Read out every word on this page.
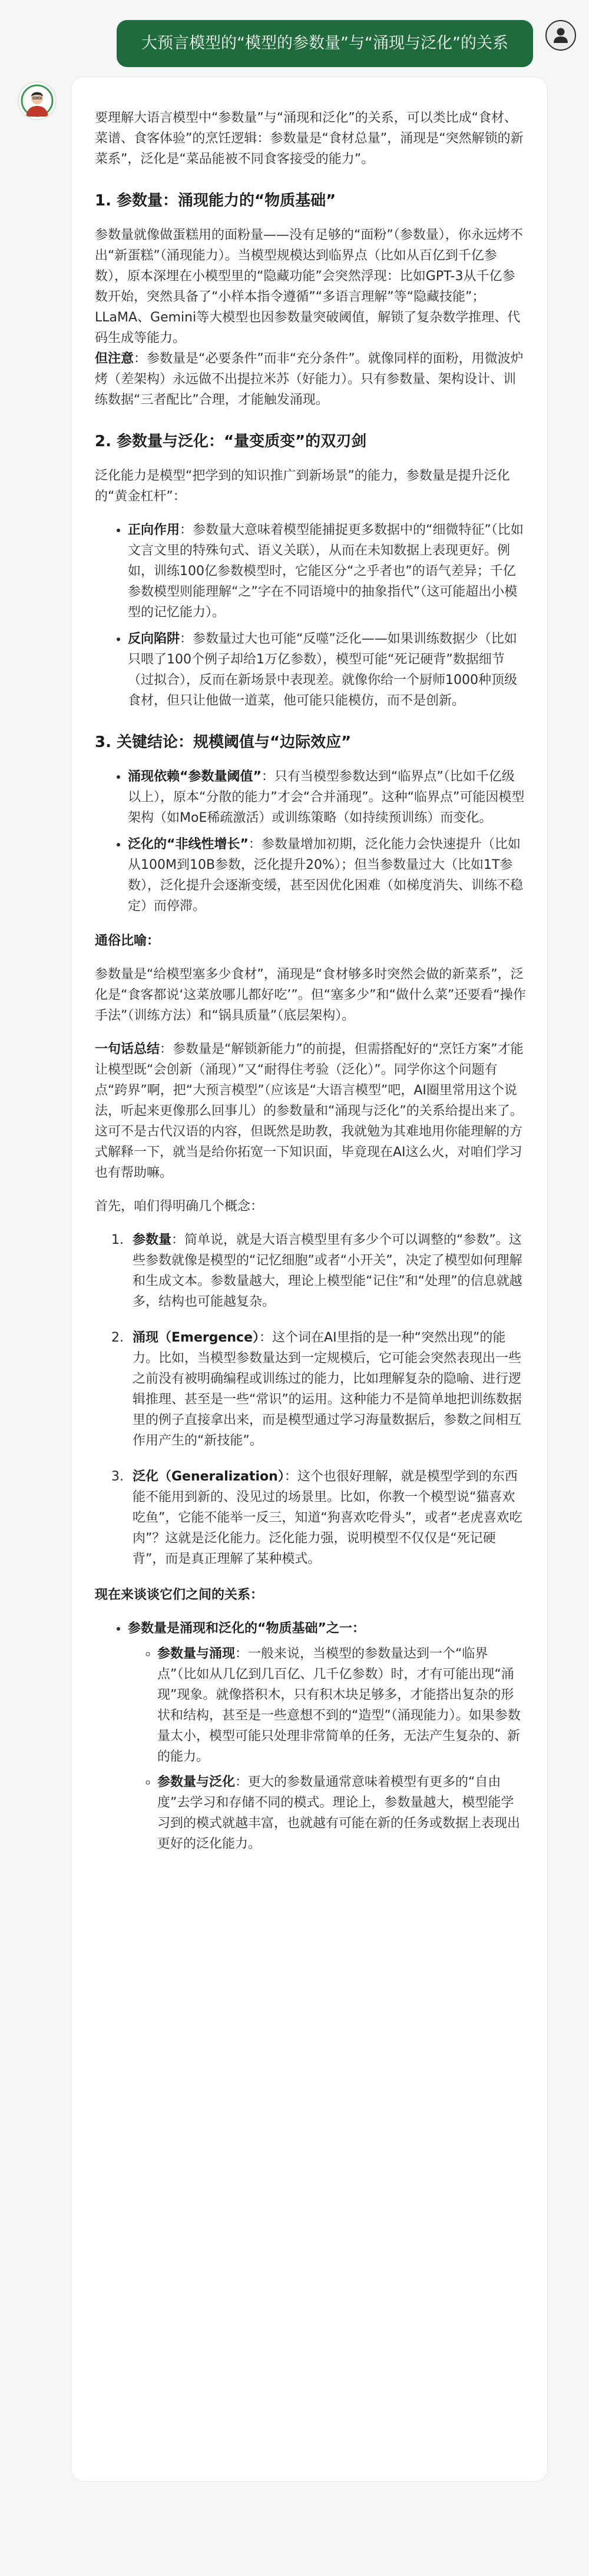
大预言模型的“模型的参数量”与“涌现与泛化”的关系

要理解大语言模型中“参数量”与“涌现和泛化”的关系，可以类比成“食材、菜谱、食客体验”的烹饪逻辑：参数量是“食材总量”，涌现是“突然解锁的新菜系”，泛化是“菜品能被不同食客接受的能力”。

1. 参数量：涌现能力的“物质基础”

参数量就像做蛋糕用的面粉量——没有足够的“面粉”（参数量），你永远烤不出“新蛋糕”（涌现能力）。当模型规模达到临界点（比如从百亿到千亿参数），原本深埋在小模型里的“隐藏功能”会突然浮现：比如GPT-3从千亿参数开始，突然具备了“小样本指令遵循”“多语言理解”等“隐藏技能”；LLaMA、Gemini等大模型也因参数量突破阈值，解锁了复杂数学推理、代码生成等能力。

但注意：参数量是“必要条件”而非“充分条件”。就像同样的面粉，用微波炉烤（差架构）永远做不出提拉米苏（好能力）。只有参数量、架构设计、训练数据“三者配比”合理，才能触发涌现。

2. 参数量与泛化：“量变质变”的双刃剑

泛化能力是模型“把学到的知识推广到新场景”的能力，参数量是提升泛化的“黄金杠杆”：

• 正向作用：参数量大意味着模型能捕捉更多数据中的“细微特征”（比如文言文里的特殊句式、语义关联），从而在未知数据上表现更好。例如，训练100亿参数模型时，它能区分“之乎者也”的语气差异；千亿参数模型则能理解“之”字在不同语境中的抽象指代”（这可能超出小模型的记忆能力）。
• 反向陷阱：参数量过大也可能“反噬”泛化——如果训练数据少（比如只喂了100个例子却给1万亿参数），模型可能“死记硬背”数据细节（过拟合），反而在新场景中表现差。就像你给一个厨师1000种顶级食材，但只让他做一道菜，他可能只能模仿，而不是创新。
3. 关键结论：规模阈值与“边际效应”
• 涌现依赖“参数量阈值”：只有当模型参数达到“临界点”（比如千亿级以上），原本“分散的能力”才会“合并涌现”。这种“临界点”可能因模型架构（如MoE稀疏激活）或训练策略（如持续预训练）而变化。
• 泛化的“非线性增长”：参数量增加初期，泛化能力会快速提升（比如从100M到10B参数，泛化提升20%）；但当参数量过大（比如1T参数），泛化提升会逐渐变缓，甚至因优化困难（如梯度消失、训练不稳定）而停滞。

通俗比喻：

参数量是“给模型塞多少食材”，涌现是“食材够多时突然会做的新菜系”，泛化是“食客都说‘这菜放哪儿都好吃’”。但“塞多少”和“做什么菜”还要看“操作手法”（训练方法）和“锅具质量”（底层架构）。

一句话总结：参数量是“解锁新能力”的前提，但需搭配好的“烹饪方案”才能让模型既“会创新（涌现）”又“耐得住考验（泛化）”。同学你这个问题有点“跨界”啊，把“大预言模型”（应该是“大语言模型”吧，AI圈里常用这个说法，听起来更像那么回事儿）的参数量和“涌现与泛化”的关系给提出来了。这可不是古代汉语的内容，但既然是助教，我就勉为其难地用你能理解的方式解释一下，就当是给你拓宽一下知识面，毕竟现在AI这么火，对咱们学习也有帮助嘛。

首先，咱们得明确几个概念：

1. 参数量：简单说，就是大语言模型里有多少个可以调整的“参数”。这些参数就像是模型的“记忆细胞”或者“小开关”，决定了模型如何理解和生成文本。参数量越大，理论上模型能“记住”和“处理”的信息就越多，结构也可能越复杂。
2. 涌现（Emergence）：这个词在AI里指的是一种“突然出现”的能力。比如，当模型参数量达到一定规模后，它可能会突然表现出一些之前没有被明确编程或训练过的能力，比如理解复杂的隐喻、进行逻辑推理、甚至是一些“常识”的运用。这种能力不是简单地把训练数据里的例子直接拿出来，而是模型通过学习海量数据后，参数之间相互作用产生的“新技能”。
3. 泛化（Generalization）：这个也很好理解，就是模型学到的东西能不能用到新的、没见过的场景里。比如，你教一个模型说“猫喜欢吃鱼”，它能不能举一反三，知道“狗喜欢吃骨头”，或者“老虎喜欢吃肉”？这就是泛化能力。泛化能力强，说明模型不仅仅是“死记硬背”，而是真正理解了某种模式。

现在来谈谈它们之间的关系：

• 参数量是涌现和泛化的“物质基础”之一：
◦ 参数量与涌现：一般来说，当模型的参数量达到一个“临界点”（比如从几亿到几百亿、几千亿参数）时，才有可能出现“涌现”现象。就像搭积木，只有积木块足够多，才能搭出复杂的形状和结构，甚至是一些意想不到的“造型”（涌现能力）。如果参数量太小，模型可能只处理非常简单的任务，无法产生复杂的、新的能力。
◦ 参数量与泛化：更大的参数量通常意味着模型有更多的“自由度”去学习和存储不同的模式。理论上，参数量越大，模型能学习到的模式就越丰富，也就越有可能在新的任务或数据上表现出更好的泛化能力。
